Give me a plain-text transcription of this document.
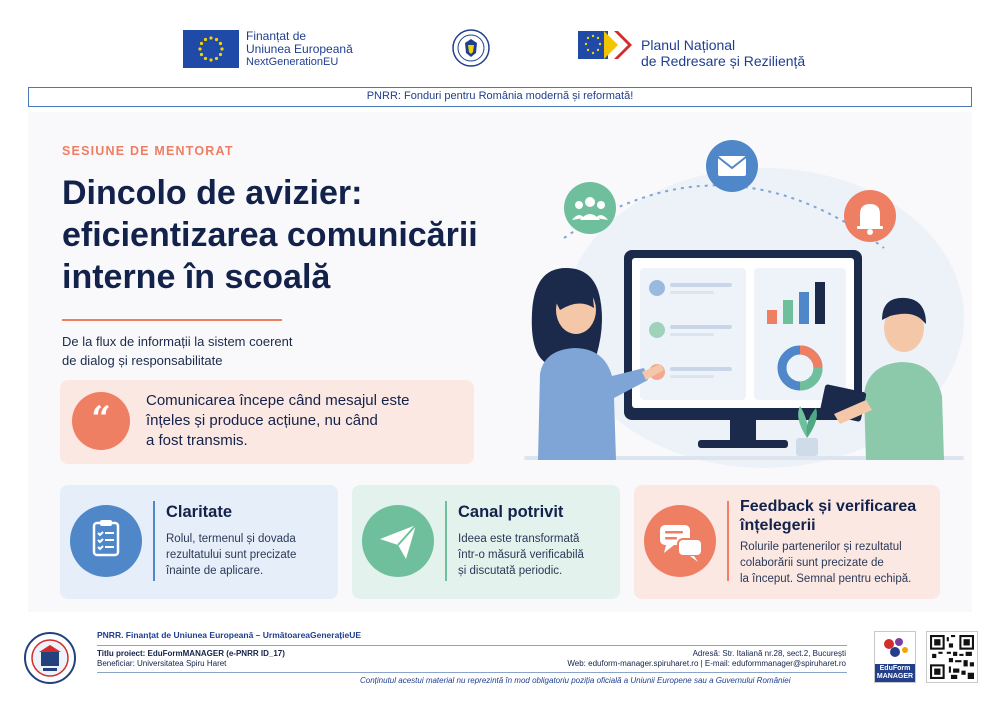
Finanțat de
Uniunea Europeană
NextGenerationEU
Planul Național
de Redresare și Reziliență
PNRR: Fonduri pentru România modernă și reformată!
SESIUNE DE MENTORAT
Dincolo de avizier:
eficientizarea comunicării
interne în scoală
De la flux de informații la sistem coerent
de dialog și responsabilitate
“	Comunicarea începe când mesajul este
înțeles și produce acțiune, nu când
a fost transmis.
Claritate
Rolul, termenul și dovada
rezultatului sunt precizate
înainte de aplicare.
Canal potrivit
Ideea este transformată
într-o măsură verificabilă
și discutată periodic.
Feedback și verificarea
înțelegerii
Rolurile partenerilor și rezultatul
colaborării sunt precizate de
la început. Semnal pentru echipă.
PNRR. Finanțat de Uniunea Europeană – UrmătoareaGenerațieUE
Titlu proiect: EduFormMANAGER (e-PNRR ID_17)
Beneficiar: Universitatea Spiru Haret
Adresă: Str. Italiană nr.28, sect.2, București
Web: eduform-manager.spiruharet.ro | E-mail: eduformmanager@spiruharet.ro
Conținutul acestui material nu reprezintă în mod obligatoriu poziția oficială a Uniunii Europene sau a Guvernului României
EduForm
MANAGER
